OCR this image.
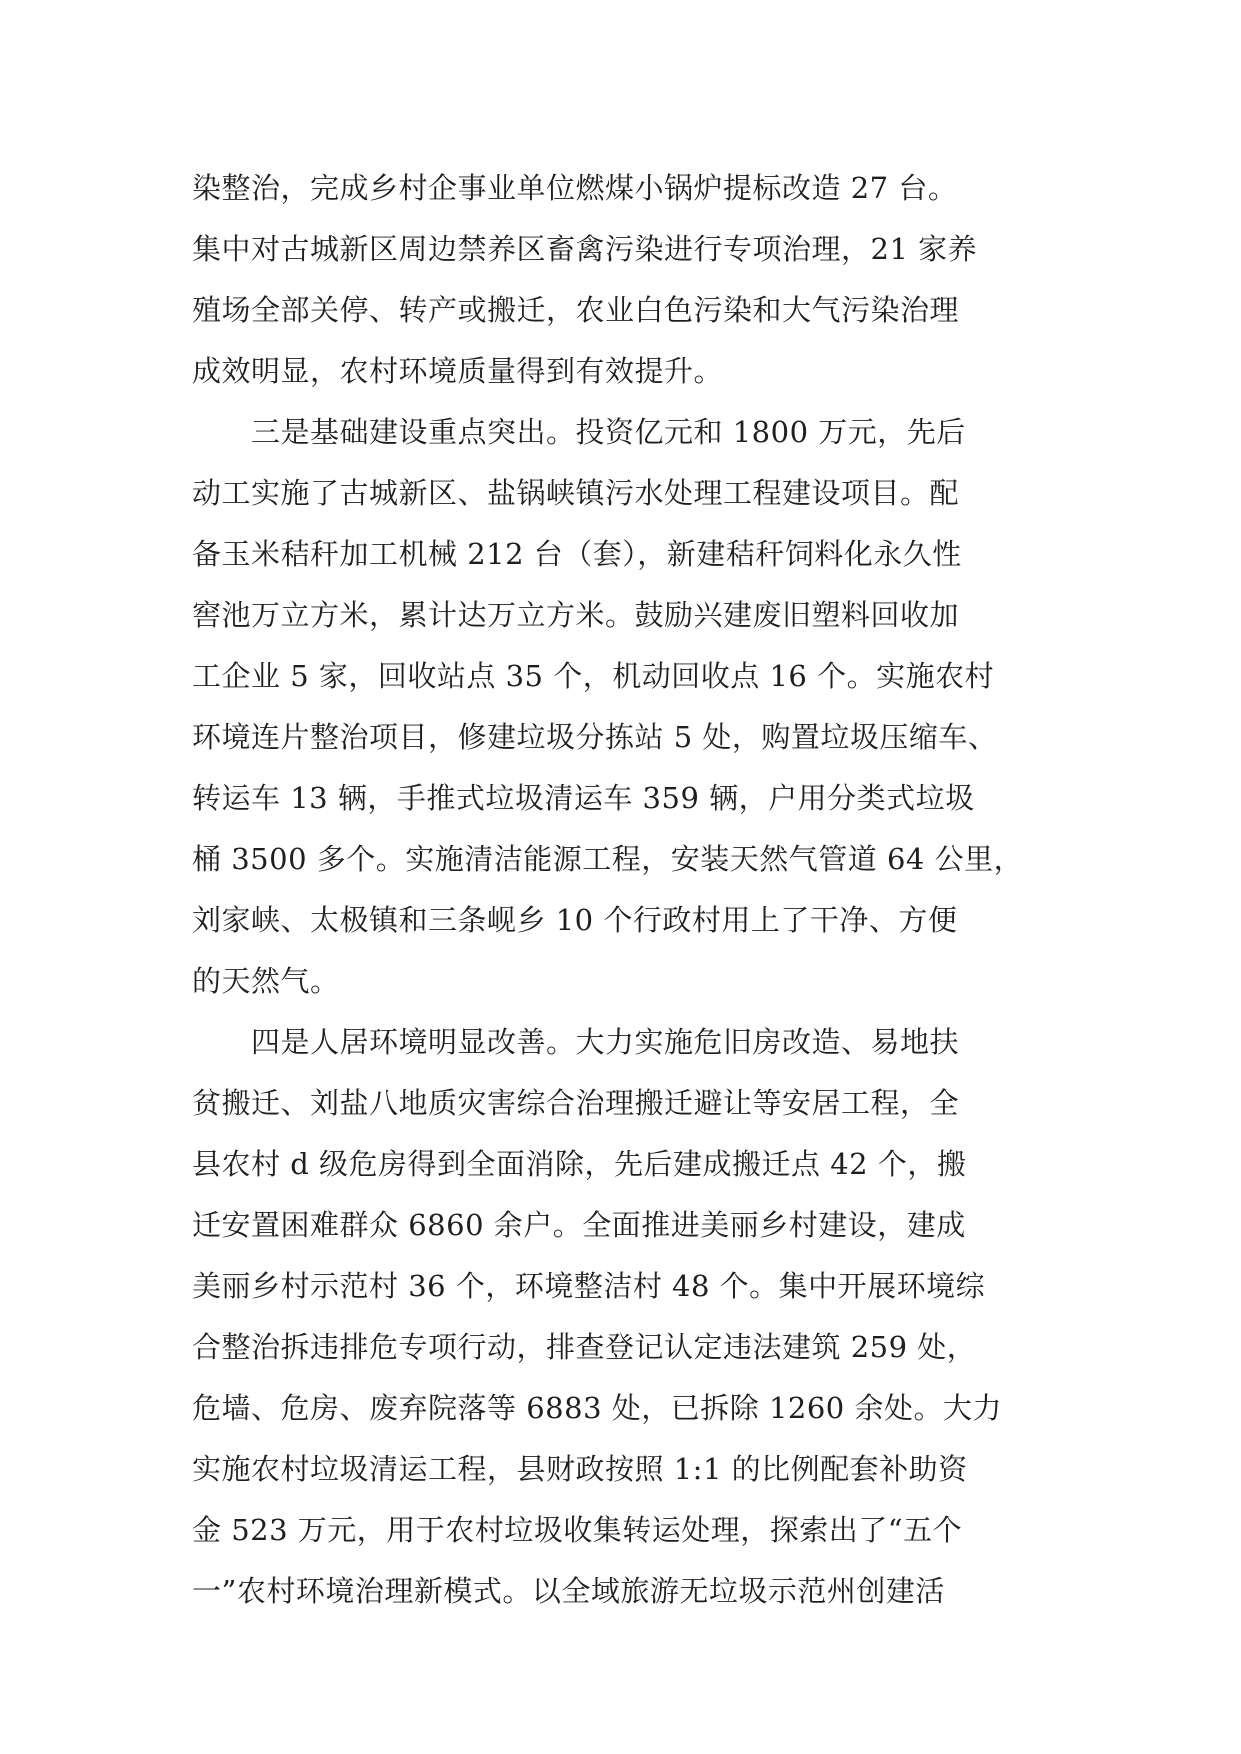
染整治，完成乡村企事业单位燃煤小锅炉提标改造 27 台。
集中对古城新区周边禁养区畜禽污染进行专项治理，21 家养
殖场全部关停、转产或搬迁，农业白色污染和大气污染治理
成效明显，农村环境质量得到有效提升。
　　三是基础建设重点突出。投资亿元和 1800 万元，先后
动工实施了古城新区、盐锅峡镇污水处理工程建设项目。配
备玉米秸秆加工机械 212 台（套），新建秸秆饲料化永久性
窖池万立方米，累计达万立方米。鼓励兴建废旧塑料回收加
工企业 5 家，回收站点 35 个，机动回收点 16 个。实施农村
环境连片整治项目，修建垃圾分拣站 5 处，购置垃圾压缩车、
转运车 13 辆，手推式垃圾清运车 359 辆，户用分类式垃圾
桶 3500 多个。实施清洁能源工程，安装天然气管道 64 公里，
刘家峡、太极镇和三条岘乡 10 个行政村用上了干净、方便
的天然气。
　　四是人居环境明显改善。大力实施危旧房改造、易地扶
贫搬迁、刘盐八地质灾害综合治理搬迁避让等安居工程，全
县农村 d 级危房得到全面消除，先后建成搬迁点 42 个，搬
迁安置困难群众 6860 余户。全面推进美丽乡村建设，建成
美丽乡村示范村 36 个，环境整洁村 48 个。集中开展环境综
合整治拆违排危专项行动，排查登记认定违法建筑 259 处，
危墙、危房、废弃院落等 6883 处，已拆除 1260 余处。大力
实施农村垃圾清运工程，县财政按照 1:1 的比例配套补助资
金 523 万元，用于农村垃圾收集转运处理，探索出了“五个
一”农村环境治理新模式。以全域旅游无垃圾示范州创建活
